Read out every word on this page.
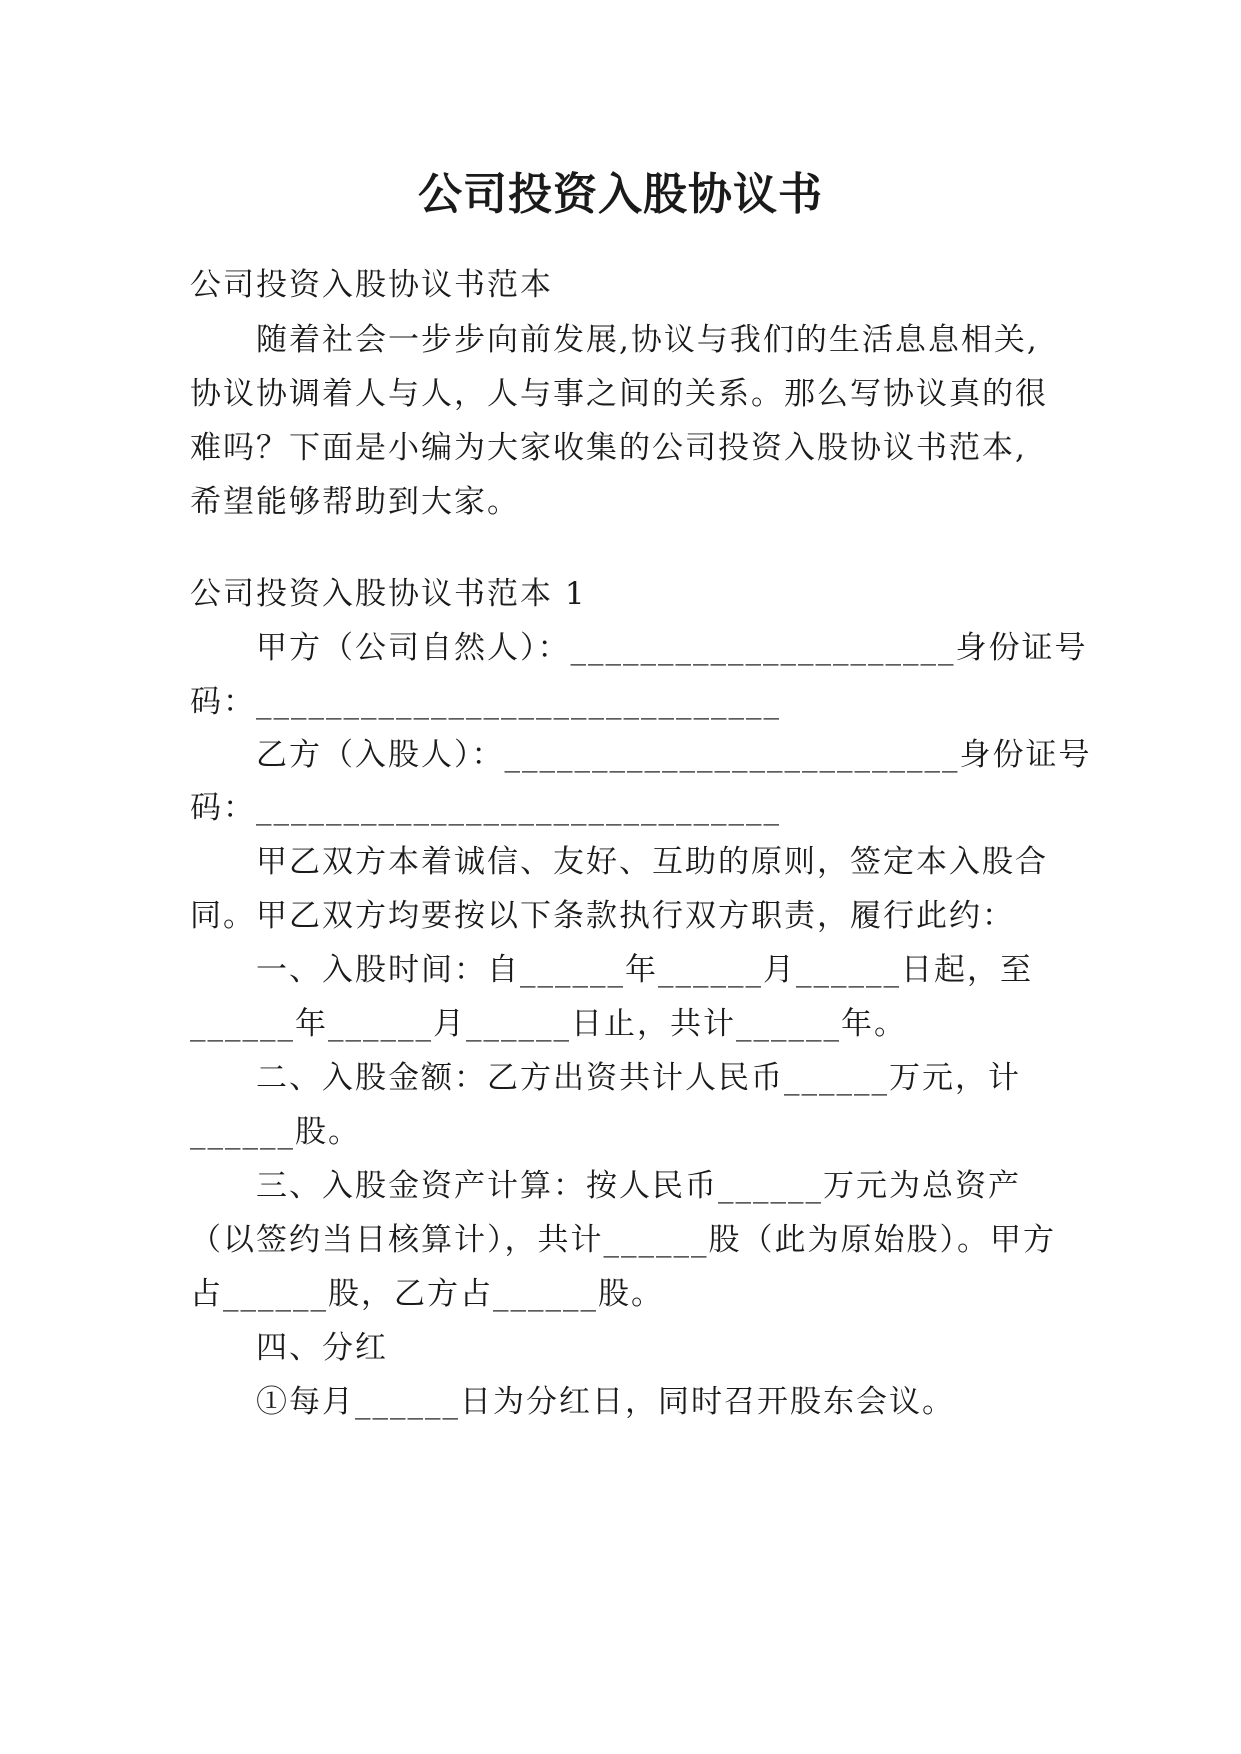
公司投资入股协议书
公司投资入股协议书范本
随着社会一步步向前发展,协议与我们的生活息息相关,
协议协调着人与人，人与事之间的关系。那么写协议真的很
难吗？下面是小编为大家收集的公司投资入股协议书范本,
希望能够帮助到大家。
公司投资入股协议书范本 1
甲方（公司自然人）：______________________身份证号
码：______________________________
乙方（入股人）：__________________________身份证号
码：______________________________
甲乙双方本着诚信、友好、互助的原则，签定本入股合
同。甲乙双方均要按以下条款执行双方职责，履行此约：
一、入股时间：自______年______月______日起，至
______年______月______日止，共计______年。
二、入股金额：乙方出资共计人民币______万元，计
______股。
三、入股金资产计算：按人民币______万元为总资产
（以签约当日核算计），共计______股（此为原始股）。甲方
占______股，乙方占______股。
四、分红
①每月______日为分红日，同时召开股东会议。
